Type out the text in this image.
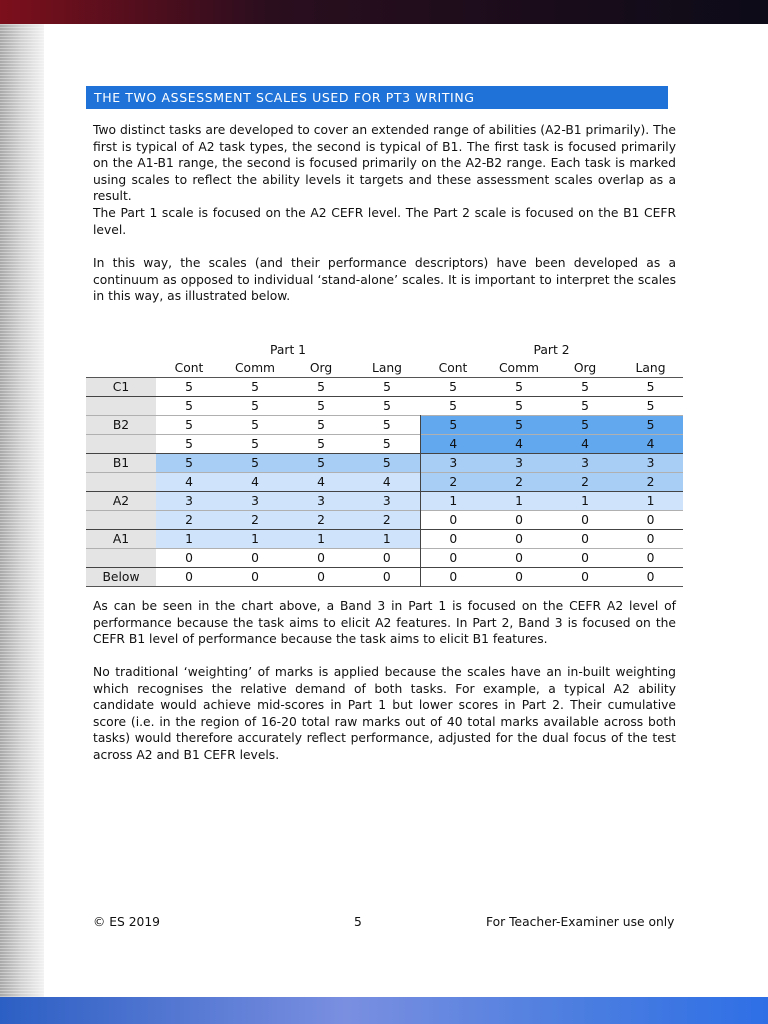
THE TWO ASSESSMENT SCALES USED FOR PT3 WRITING

Two distinct tasks are developed to cover an extended range of abilities (A2-B1 primarily). The first is typical of A2 task types, the second is typical of B1. The first task is focused primarily on the A1-B1 range, the second is focused primarily on the A2-B2 range. Each task is marked using scales to reflect the ability levels it targets and these assessment scales overlap as a result.

The Part 1 scale is focused on the A2 CEFR level. The Part 2 scale is focused on the B1 CEFR level.

In this way, the scales (and their performance descriptors) have been developed as a continuum as opposed to individual ‘stand-alone’ scales. It is important to interpret the scales in this way, as illustrated below.

	Part 1				Part 2			
	Cont	Comm	Org	Lang	Cont	Comm	Org	Lang
C1	5	5	5	5	5	5	5	5
	5	5	5	5	5	5	5	5
B2	5	5	5	5	5	5	5	5
	5	5	5	5	4	4	4	4
B1	5	5	5	5	3	3	3	3
	4	4	4	4	2	2	2	2
A2	3	3	3	3	1	1	1	1
	2	2	2	2	0	0	0	0
A1	1	1	1	1	0	0	0	0
	0	0	0	0	0	0	0	0
Below	0	0	0	0	0	0	0	0

As can be seen in the chart above, a Band 3 in Part 1 is focused on the CEFR A2 level of performance because the task aims to elicit A2 features. In Part 2, Band 3 is focused on the CEFR B1 level of performance because the task aims to elicit B1 features.

No traditional ‘weighting’ of marks is applied because the scales have an in-built weighting which recognises the relative demand of both tasks. For example, a typical A2 ability candidate would achieve mid-scores in Part 1 but lower scores in Part 2. Their cumulative score (i.e. in the region of 16-20 total raw marks out of 40 total marks available across both tasks) would therefore accurately reflect performance, adjusted for the dual focus of the test across A2 and B1 CEFR levels.

© ES 2019	5	For Teacher-Examiner use only
